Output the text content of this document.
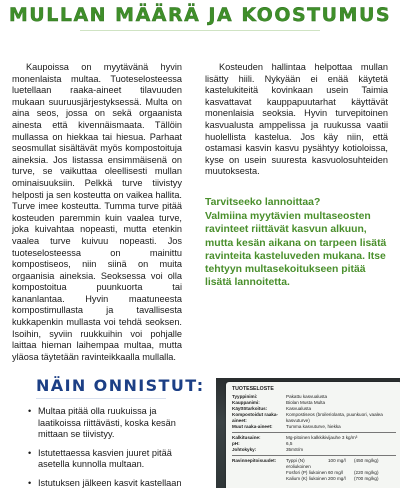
MULLAN MÄÄRÄ JA KOOSTUMUS
Kaupoissa on myytävänä hyvin monenlaista multaa. Tuoteselosteessa luetellaan raaka-aineet tilavuuden mukaan suuruusjärjestyksessä. Multa on aina seos, jossa on sekä orgaanista ainesta että kivennäismaata. Tällöin mullassa on hiekkaa tai hiesua. Parhaat seosmullat sisältävät myös kompostoituja aineksia. Jos listassa ensimmäisenä on turve, se vaikuttaa oleellisesti mullan ominaisuuksiin. Pelkkä turve tiivistyy helposti ja sen kosteutta on vaikea hallita. Turve imee kosteutta. Tumma turve pitää kosteuden paremmin kuin vaalea turve, joka kuivahtaa nopeasti, mutta etenkin vaalea turve kuivuu nopeasti. Jos tuoteselosteessa on mainittu kompostiseos, niin siinä on muita orgaanisia aineksia. Seoksessa voi olla kompostoitua puunkuorta tai kananlantaa. Hyvin maatuneesta kompostimullasta ja tavallisesta kukkapenkin mullasta voi tehdä seoksen. Isoihin, syviin ruukkuihin voi pohjalle laittaa hieman laihempaa multaa, mutta yläosa täytetään ravinteikkaalla mullalla.
Kosteuden hallintaa helpottaa mullan lisätty hiili. Nykyään ei enää käytetä kastelukiteitä kovinkaan usein Taimia kasvattavat kauppapuutarhat käyttävät monenlaisia seoksia. Hyvin turvepitoinen kasvualusta amppelissa ja ruukussa vaatii huolellista kastelua. Jos käy niin, että ostamasi kasvin kasvu pysähtyy kotioloissa, kyse on usein suuresta kasvuolosuhteiden muutoksesta.
Tarvitseeko lannoittaa?
Valmiina myytävien multaseosten ravinteet riittävät kasvun alkuun, mutta kesän aikana on tarpeen lisätä ravinteita kasteluveden mukana. Itse tehtyyn multasekoitukseen pitää lisätä lannoitetta.
NÄIN ONNISTUT:
• Multaa pitää olla ruukuissa ja laatikoissa riittävästi, koska kesän mittaan se tiivistyy.
• Istutettaessa kasvien juuret pitää asetella kunnolla multaan.
• Istutuksen jälkeen kasvit kastellaan
TUOTESELOSTE
Tyyppinimi:	Pakattu kasvualusta
Kauppanimi:	Biolan Musta Multa
Käyttötarkoitus:	Kasvualusta
Kompostoidut raaka-aineet:
Kompostiseos (broileriolanta, puunkuori, vaalea kasvuturve)
Muut raaka-aineet:	Tumma kasvuturve, hiekka
Kalkitusaine:	Mg-pitoinen kalkkikivijauhe 3 kg/m³
pH:	6,5
Johtokyky:	35mS/m
Ravinnepitoisuudet:	Typpi (N) eroliukoinen
100 mg/l	(450 mg/kg)
Fosfori (P) liukoinen 60 mg/l	(220 mg/kg)
Kalium (K) liukoinen 200 mg/l	(700 mg/kg)
